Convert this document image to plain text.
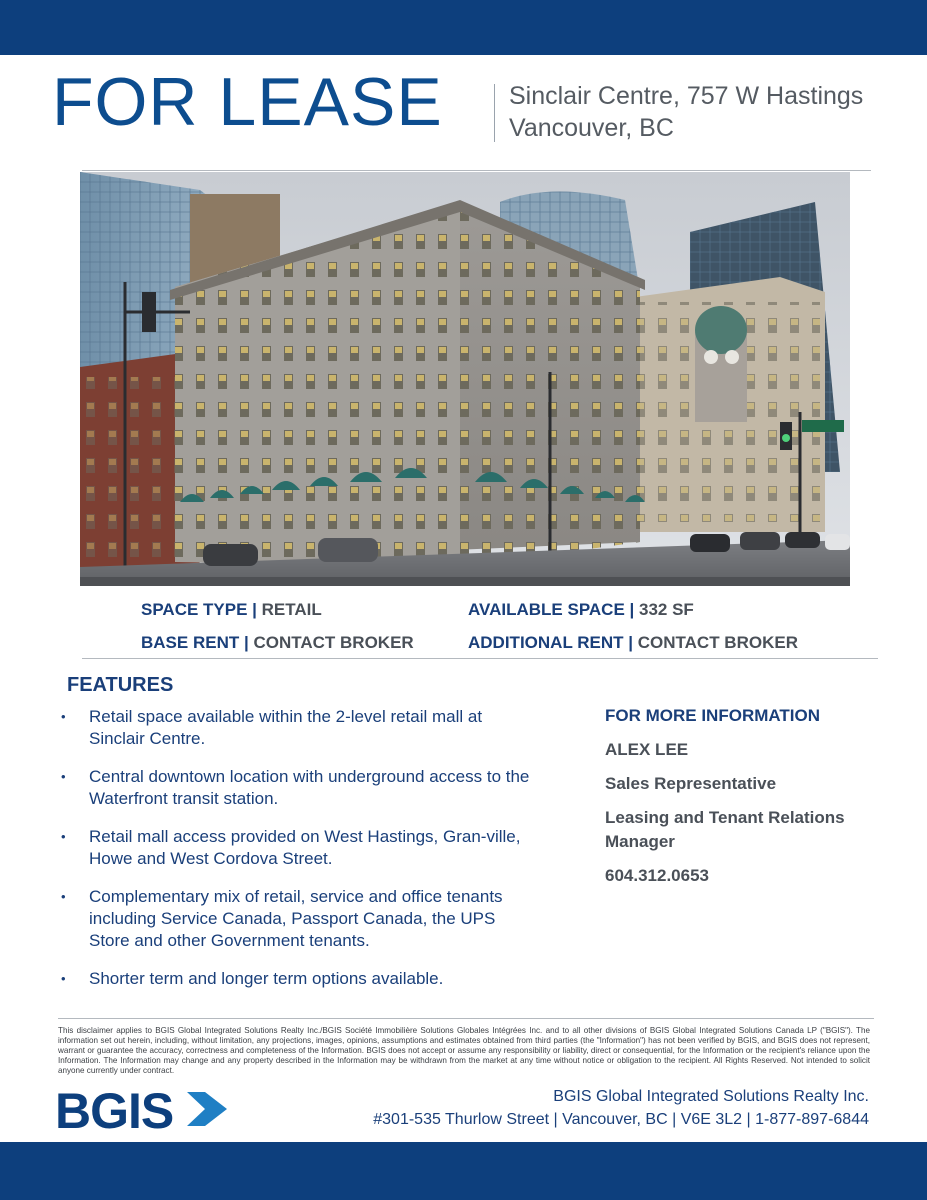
FOR LEASE	Sinclair Centre, 757 W Hastings
Vancouver, BC
SPACE TYPE | RETAIL	AVAILABLE SPACE | 332 SF
BASE RENT | CONTACT BROKER	ADDITIONAL RENT | CONTACT BROKER
FEATURES
• Retail space available within the 2-level retail mall at Sinclair Centre.
• Central downtown location with underground access to the Waterfront transit station.
• Retail mall access provided on West Hastings, Gran-ville, Howe and West Cordova Street.
• Complementary mix of retail, service and office tenants including Service Canada, Passport Canada, the UPS Store and other Government tenants.
• Shorter term and longer term options available.
FOR MORE INFORMATION
ALEX LEE
Sales Representative
Leasing and Tenant Relations Manager
604.312.0653
This disclaimer applies to BGIS Global Integrated Solutions Realty Inc./BGIS Société Immobilière Solutions Globales Intégrées Inc. and to all other divisions of BGIS Global Integrated Solutions Canada LP ("BGIS"). The information set out herein, including, without limitation, any projections, images, opinions, assumptions and estimates obtained from third parties (the "Information") has not been verified by BGIS, and BGIS does not represent, warrant or guarantee the accuracy, correctness and completeness of the Information. BGIS does not accept or assume any responsibility or liability, direct or consequential, for the Information or the recipient's reliance upon the Information. The Information may change and any property described in the Information may be withdrawn from the market at any time without notice or obligation to the recipient. All Rights Reserved. Not intended to solicit anyone currently under contract.
BGIS	BGIS Global Integrated Solutions Realty Inc.
#301-535 Thurlow Street | Vancouver, BC | V6E 3L2 | 1-877-897-6844
